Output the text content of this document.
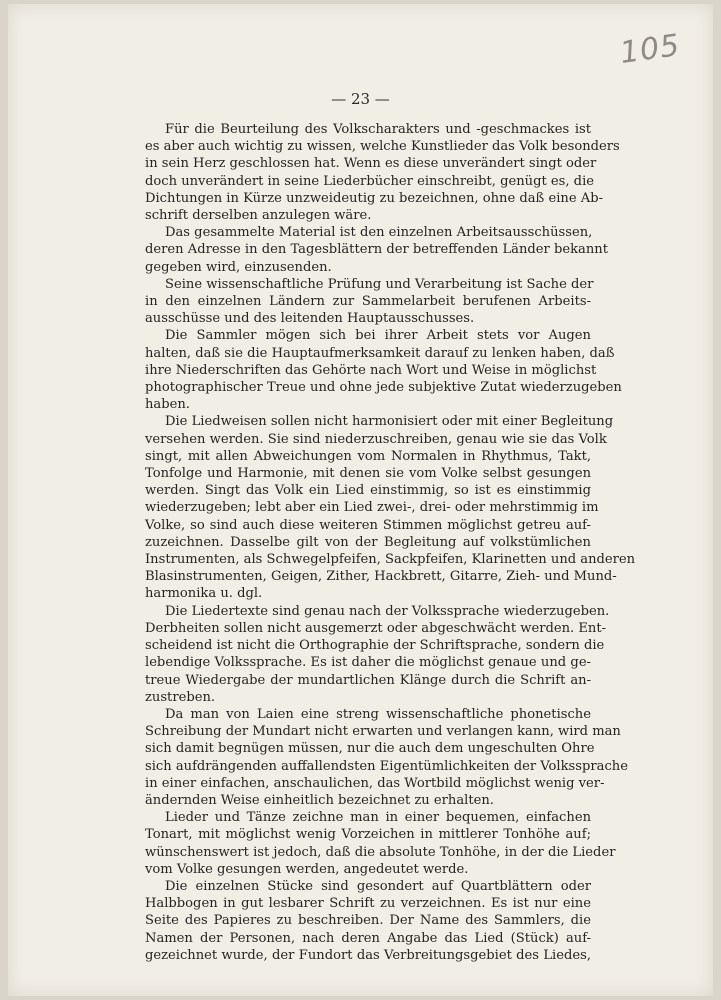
105
— 23 —
Für die Beurteilung des Volkscharakters und -geschmackes ist
es aber auch wichtig zu wissen, welche Kunstlieder das Volk besonders
in sein Herz geschlossen hat. Wenn es diese unverändert singt oder
doch unverändert in seine Liederbücher einschreibt, genügt es, die
Dichtungen in Kürze unzweideutig zu bezeichnen, ohne daß eine Ab-
schrift derselben anzulegen wäre.
Das gesammelte Material ist den einzelnen Arbeitsausschüssen,
deren Adresse in den Tagesblättern der betreffenden Länder bekannt
gegeben wird, einzusenden.
Seine wissenschaftliche Prüfung und Verarbeitung ist Sache der
in den einzelnen Ländern zur Sammelarbeit berufenen Arbeits-
ausschüsse und des leitenden Hauptausschusses.
Die Sammler mögen sich bei ihrer Arbeit stets vor Augen
halten, daß sie die Hauptaufmerksamkeit darauf zu lenken haben, daß
ihre Niederschriften das Gehörte nach Wort und Weise in möglichst
photographischer Treue und ohne jede subjektive Zutat wiederzugeben
haben.
Die Liedweisen sollen nicht harmonisiert oder mit einer Begleitung
versehen werden. Sie sind niederzuschreiben, genau wie sie das Volk
singt, mit allen Abweichungen vom Normalen in Rhythmus, Takt,
Tonfolge und Harmonie, mit denen sie vom Volke selbst gesungen
werden. Singt das Volk ein Lied einstimmig, so ist es einstimmig
wiederzugeben; lebt aber ein Lied zwei-, drei- oder mehrstimmig im
Volke, so sind auch diese weiteren Stimmen möglichst getreu auf-
zuzeichnen. Dasselbe gilt von der Begleitung auf volkstümlichen
Instrumenten, als Schwegelpfeifen, Sackpfeifen, Klarinetten und anderen
Blasinstrumenten, Geigen, Zither, Hackbrett, Gitarre, Zieh- und Mund-
harmonika u. dgl.
Die Liedertexte sind genau nach der Volkssprache wiederzugeben.
Derbheiten sollen nicht ausgemerzt oder abgeschwächt werden. Ent-
scheidend ist nicht die Orthographie der Schriftsprache, sondern die
lebendige Volkssprache. Es ist daher die möglichst genaue und ge-
treue Wiedergabe der mundartlichen Klänge durch die Schrift an-
zustreben.
Da man von Laien eine streng wissenschaftliche phonetische
Schreibung der Mundart nicht erwarten und verlangen kann, wird man
sich damit begnügen müssen, nur die auch dem ungeschulten Ohre
sich aufdrängenden auffallendsten Eigentümlichkeiten der Volkssprache
in einer einfachen, anschaulichen, das Wortbild möglichst wenig ver-
ändernden Weise einheitlich bezeichnet zu erhalten.
Lieder und Tänze zeichne man in einer bequemen, einfachen
Tonart, mit möglichst wenig Vorzeichen in mittlerer Tonhöhe auf;
wünschenswert ist jedoch, daß die absolute Tonhöhe, in der die Lieder
vom Volke gesungen werden, angedeutet werde.
Die einzelnen Stücke sind gesondert auf Quartblättern oder
Halbbogen in gut lesbarer Schrift zu verzeichnen. Es ist nur eine
Seite des Papieres zu beschreiben. Der Name des Sammlers, die
Namen der Personen, nach deren Angabe das Lied (Stück) auf-
gezeichnet wurde, der Fundort das Verbreitungsgebiet des Liedes,
